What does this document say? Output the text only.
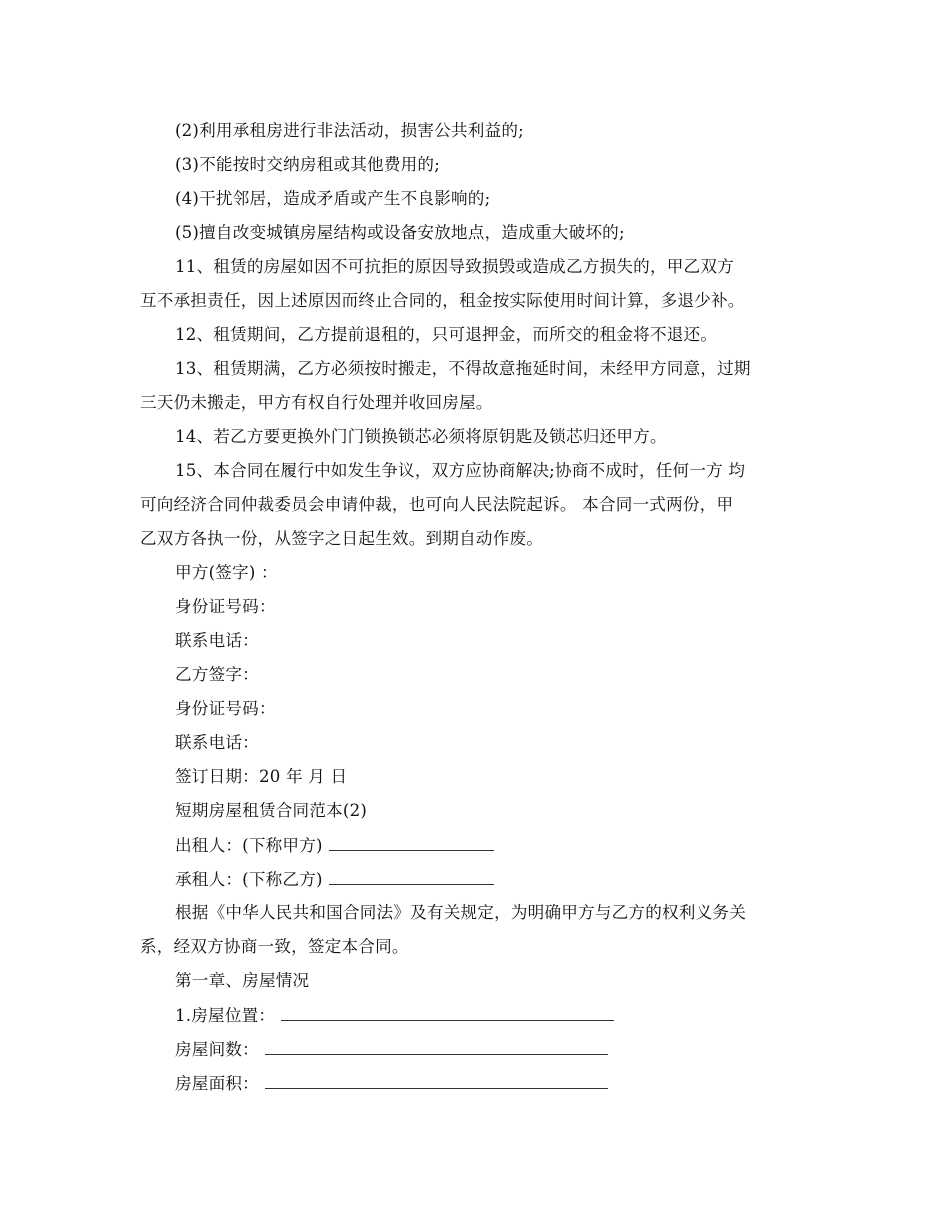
(2)利用承租房进行非法活动，损害公共利益的;
(3)不能按时交纳房租或其他费用的;
(4)干扰邻居，造成矛盾或产生不良影响的;
(5)擅自改变城镇房屋结构或设备安放地点，造成重大破坏的;
11、租赁的房屋如因不可抗拒的原因导致损毁或造成乙方损失的，甲乙双方
互不承担责任，因上述原因而终止合同的，租金按实际使用时间计算，多退少补。
12、租赁期间，乙方提前退租的，只可退押金，而所交的租金将不退还。
13、租赁期满，乙方必须按时搬走，不得故意拖延时间，未经甲方同意，过期
三天仍未搬走，甲方有权自行处理并收回房屋。
14、若乙方要更换外门门锁换锁芯必须将原钥匙及锁芯归还甲方。
15、本合同在履行中如发生争议，双方应协商解决;协商不成时，任何一方 均
可向经济合同仲裁委员会申请仲裁，也可向人民法院起诉。 本合同一式两份，甲
乙双方各执一份，从签字之日起生效。到期自动作废。
甲方(签字) ：
身份证号码：
联系电话：
乙方签字：
身份证号码：
联系电话：
签订日期：20 年 月 日
短期房屋租赁合同范本(2)
出租人：(下称甲方)
承租人：(下称乙方)
根据《中华人民共和国合同法》及有关规定，为明确甲方与乙方的权利义务关
系，经双方协商一致，签定本合同。
第一章、房屋情况
1.房屋位置：
房屋间数：
房屋面积：
